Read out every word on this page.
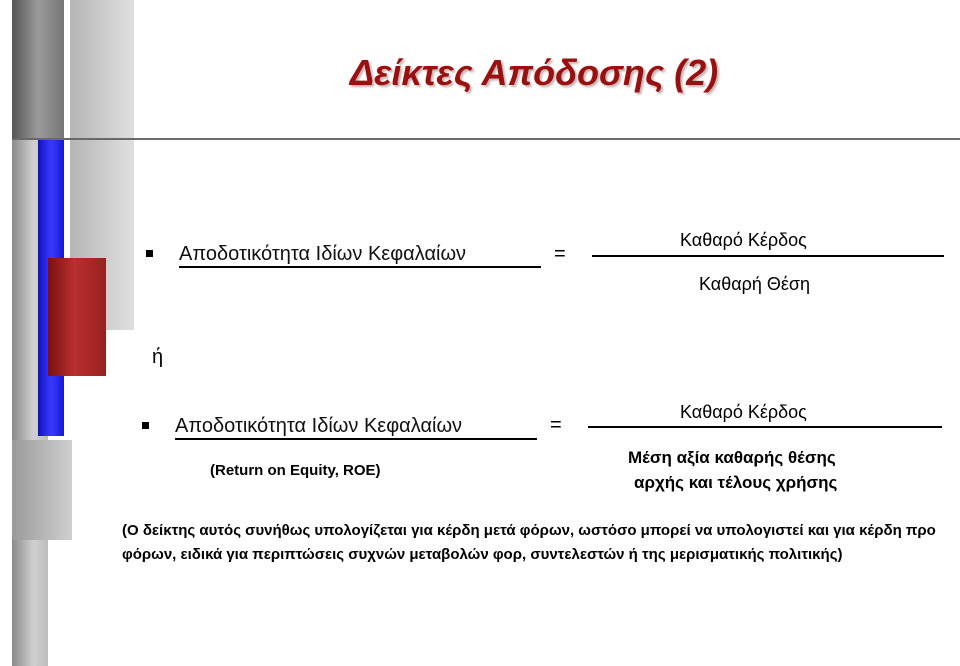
Δείκτες Απόδοσης (2)
Αποδοτικότητα Ιδίων Κεφαλαίων	=
Καθαρό Κέρδος
Καθαρή Θέση
ή
Αποδοτικότητα Ιδίων Κεφαλαίων	=
(Return on Equity, ROE)
Καθαρό Κέρδος
Μέση αξία καθαρής θέσης
αρχής και τέλους χρήσης
(Ο δείκτης αυτός συνήθως υπολογίζεται για κέρδη μετά φόρων, ωστόσο μπορεί να υπολογιστεί και για κέρδη προ φόρων, ειδικά για περιπτώσεις συχνών μεταβολών φορ, συντελεστών ή της μερισματικής πολιτικής)
